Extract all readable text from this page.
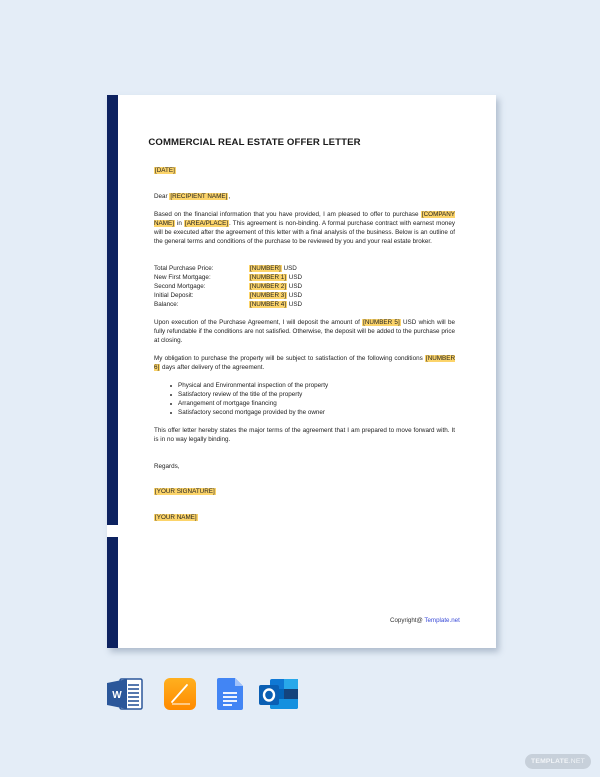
COMMERCIAL REAL ESTATE OFFER LETTER
[DATE]
Dear [RECIPIENT NAME],
Based on the financial information that you have provided, I am pleased to offer to purchase [COMPANY NAME] in [AREA/PLACE]. This agreement is non-binding. A formal purchase contract with earnest money will be executed after the agreement of this letter with a final analysis of the business. Below is an outline of the general terms and conditions of the purchase to be reviewed by you and your real estate broker.
Total Purchase Price:	[NUMBER] USD
New First Mortgage:	[NUMBER 1] USD
Second Mortgage:	[NUMBER 2] USD
Initial Deposit:	[NUMBER 3] USD
Balance:	[NUMBER 4] USD
Upon execution of the Purchase Agreement, I will deposit the amount of [NUMBER 5] USD which will be fully refundable if the conditions are not satisfied. Otherwise, the deposit will be added to the purchase price at closing.
My obligation to purchase the property will be subject to satisfaction of the following conditions [NUMBER 6] days after delivery of the agreement.
Physical and Environmental inspection of the property
Satisfactory review of the title of the property
Arrangement of mortgage financing
Satisfactory second mortgage provided by the owner
This offer letter hereby states the major terms of the agreement that I am prepared to move forward with. It is in no way legally binding.
Regards,
[YOUR SIGNATURE]
[YOUR NAME]
Copyright@ Template.net
W
TEMPLATE .NET
